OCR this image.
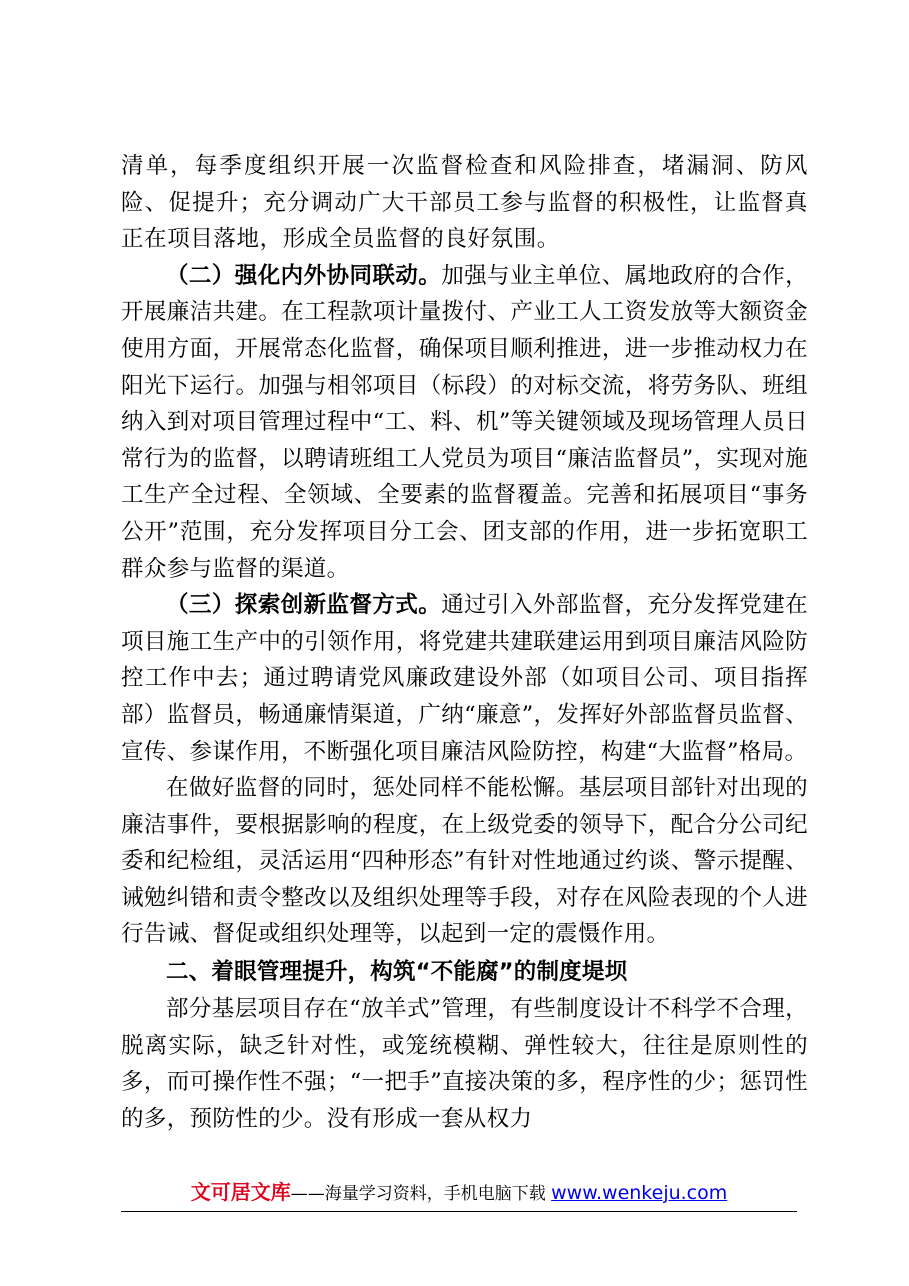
清单，每季度组织开展一次监督检查和风险排查，堵漏洞、防风险、促提升；充分调动广大干部员工参与监督的积极性，让监督真正在项目落地，形成全员监督的良好氛围。

（二）强化内外协同联动。加强与业主单位、属地政府的合作，开展廉洁共建。在工程款项计量拨付、产业工人工资发放等大额资金使用方面，开展常态化监督，确保项目顺利推进，进一步推动权力在阳光下运行。加强与相邻项目（标段）的对标交流，将劳务队、班组纳入到对项目管理过程中“工、料、机”等关键领域及现场管理人员日常行为的监督，以聘请班组工人党员为项目“廉洁监督员”，实现对施工生产全过程、全领域、全要素的监督覆盖。完善和拓展项目“事务公开”范围，充分发挥项目分工会、团支部的作用，进一步拓宽职工群众参与监督的渠道。

（三）探索创新监督方式。通过引入外部监督，充分发挥党建在项目施工生产中的引领作用，将党建共建联建运用到项目廉洁风险防控工作中去；通过聘请党风廉政建设外部（如项目公司、项目指挥部）监督员，畅通廉情渠道，广纳“廉意”，发挥好外部监督员监督、宣传、参谋作用，不断强化项目廉洁风险防控，构建“大监督”格局。

在做好监督的同时，惩处同样不能松懈。基层项目部针对出现的廉洁事件，要根据影响的程度，在上级党委的领导下，配合分公司纪委和纪检组，灵活运用“四种形态”有针对性地通过约谈、警示提醒、诫勉纠错和责令整改以及组织处理等手段，对存在风险表现的个人进行告诫、督促或组织处理等，以起到一定的震慑作用。

二、着眼管理提升，构筑“不能腐”的制度堤坝

部分基层项目存在“放羊式”管理，有些制度设计不科学不合理，脱离实际，缺乏针对性，或笼统模糊、弹性较大，往往是原则性的多，而可操作性不强；“一把手”直接决策的多，程序性的少；惩罚性的多，预防性的少。没有形成一套从权力

文可居文库——海量学习资料，手机电脑下载 www.wenkeju.com
